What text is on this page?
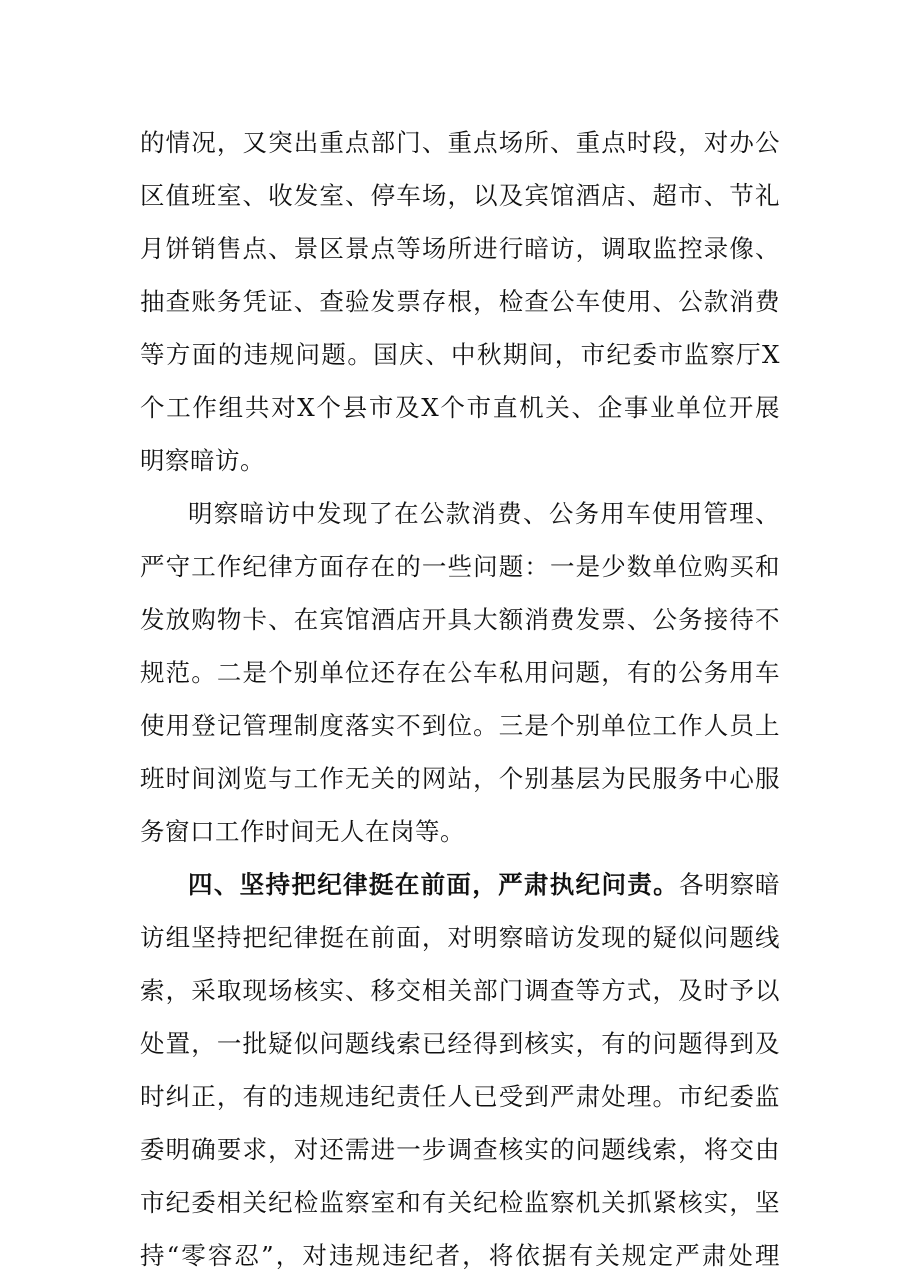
的情况，又突出重点部门、重点场所、重点时段，对办公
区值班室、收发室、停车场，以及宾馆酒店、超市、节礼
月饼销售点、景区景点等场所进行暗访，调取监控录像、
抽查账务凭证、查验发票存根，检查公车使用、公款消费
等方面的违规问题。国庆、中秋期间，市纪委市监察厅X
个工作组共对X个县市及X个市直机关、企事业单位开展
明察暗访。
明察暗访中发现了在公款消费、公务用车使用管理、
严守工作纪律方面存在的一些问题：一是少数单位购买和
发放购物卡、在宾馆酒店开具大额消费发票、公务接待不
规范。二是个别单位还存在公车私用问题，有的公务用车
使用登记管理制度落实不到位。三是个别单位工作人员上
班时间浏览与工作无关的网站，个别基层为民服务中心服
务窗口工作时间无人在岗等。
四、坚持把纪律挺在前面，严肃执纪问责。各明察暗
访组坚持把纪律挺在前面，对明察暗访发现的疑似问题线
索，采取现场核实、移交相关部门调查等方式，及时予以
处置，一批疑似问题线索已经得到核实，有的问题得到及
时纠正，有的违规违纪责任人已受到严肃处理。市纪委监
委明确要求，对还需进一步调查核实的问题线索，将交由
市纪委相关纪检监察室和有关纪检监察机关抓紧核实，坚
持“零容忍”，对违规违纪者，将依据有关规定严肃处理
